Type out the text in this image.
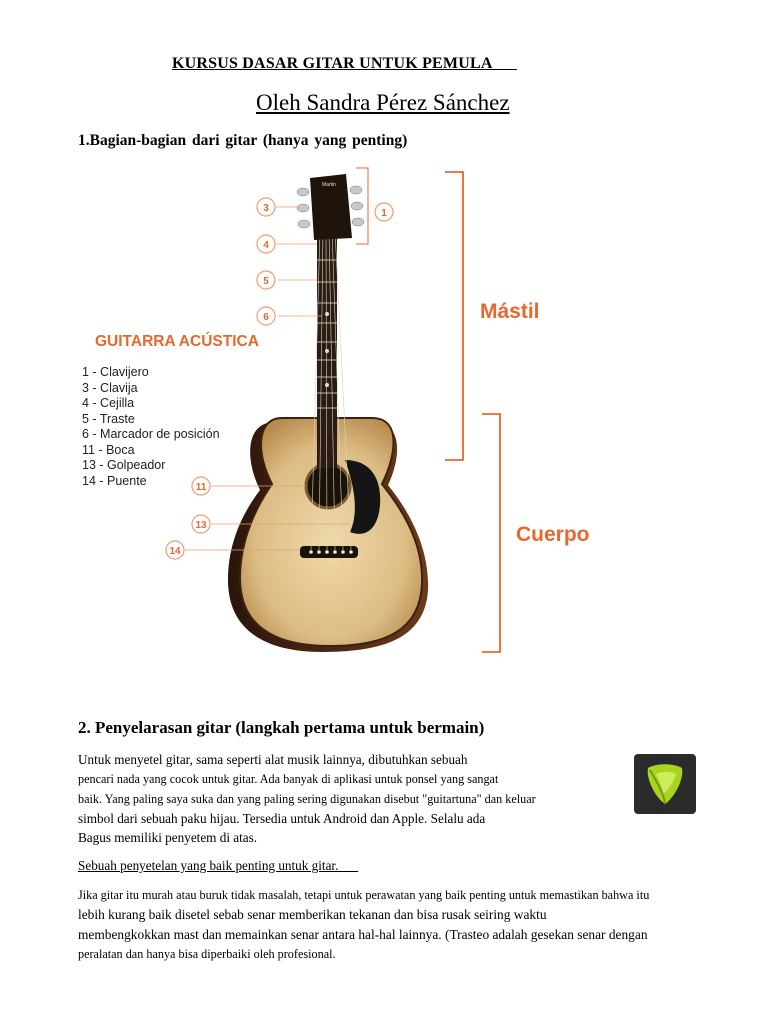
KURSUS DASAR GITAR UNTUK PEMULA
Oleh Sandra Pérez Sánchez
1.Bagian-bagian dari gitar (hanya yang penting)
Martin
3	1
4
5
6
11
13
14
GUITARRA ACÚSTICA
1 - Clavijero
3 - Clavija
4 - Cejilla
5 - Traste
6 - Marcador de posición
11 - Boca
13 - Golpeador
14 - Puente
Mástil
Cuerpo
2. Penyelarasan gitar (langkah pertama untuk bermain)
Untuk menyetel gitar, sama seperti alat musik lainnya, dibutuhkan sebuah
pencari nada yang cocok untuk gitar. Ada banyak di aplikasi untuk ponsel yang sangat
baik. Yang paling saya suka dan yang paling sering digunakan disebut "guitartuna" dan keluar
simbol dari sebuah paku hijau. Tersedia untuk Android dan Apple. Selalu ada
Bagus memiliki penyetem di atas.
Sebuah penyetelan yang baik penting untuk gitar.
Jika gitar itu murah atau buruk tidak masalah, tetapi untuk perawatan yang baik penting untuk memastikan bahwa itu
lebih kurang baik disetel sebab senar memberikan tekanan dan bisa rusak seiring waktu
membengkokkan mast dan memainkan senar antara hal-hal lainnya. (Trasteo adalah gesekan senar dengan
peralatan dan hanya bisa diperbaiki oleh profesional.
